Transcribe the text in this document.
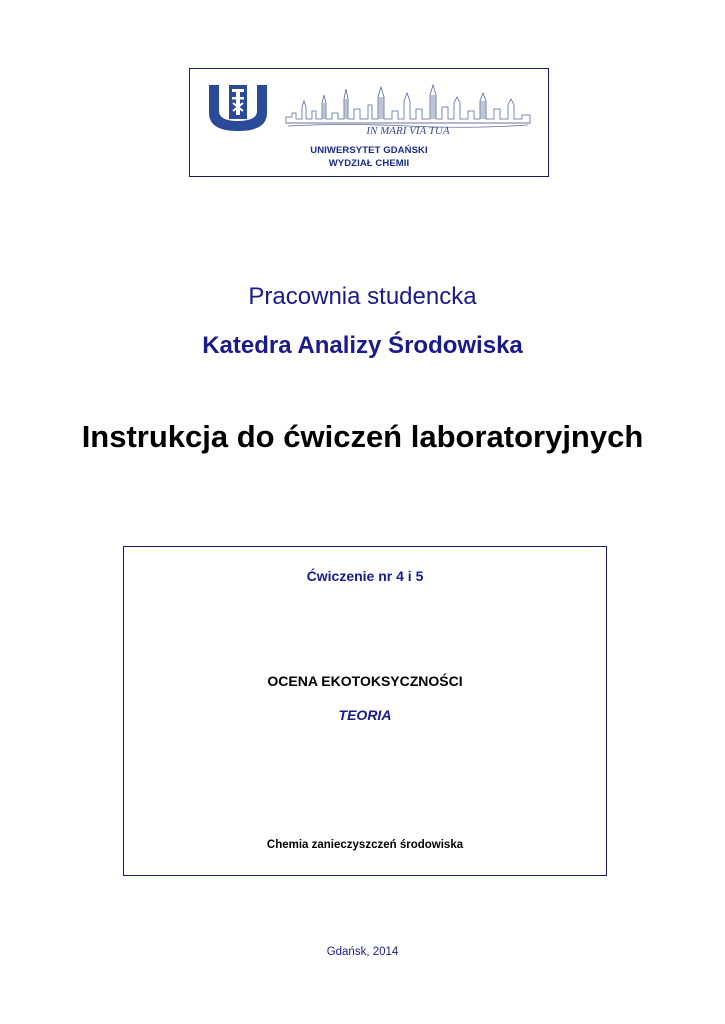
IN MARI VIA TUA
UNIWERSYTET GDAŃSKI
WYDZIAŁ CHEMII
Pracownia studencka
Katedra Analizy Środowiska
Instrukcja do ćwiczeń laboratoryjnych
Ćwiczenie nr 4 i 5
OCENA EKOTOKSYCZNOŚCI
TEORIA
Chemia zanieczyszczeń środowiska
Gdańsk, 2014
